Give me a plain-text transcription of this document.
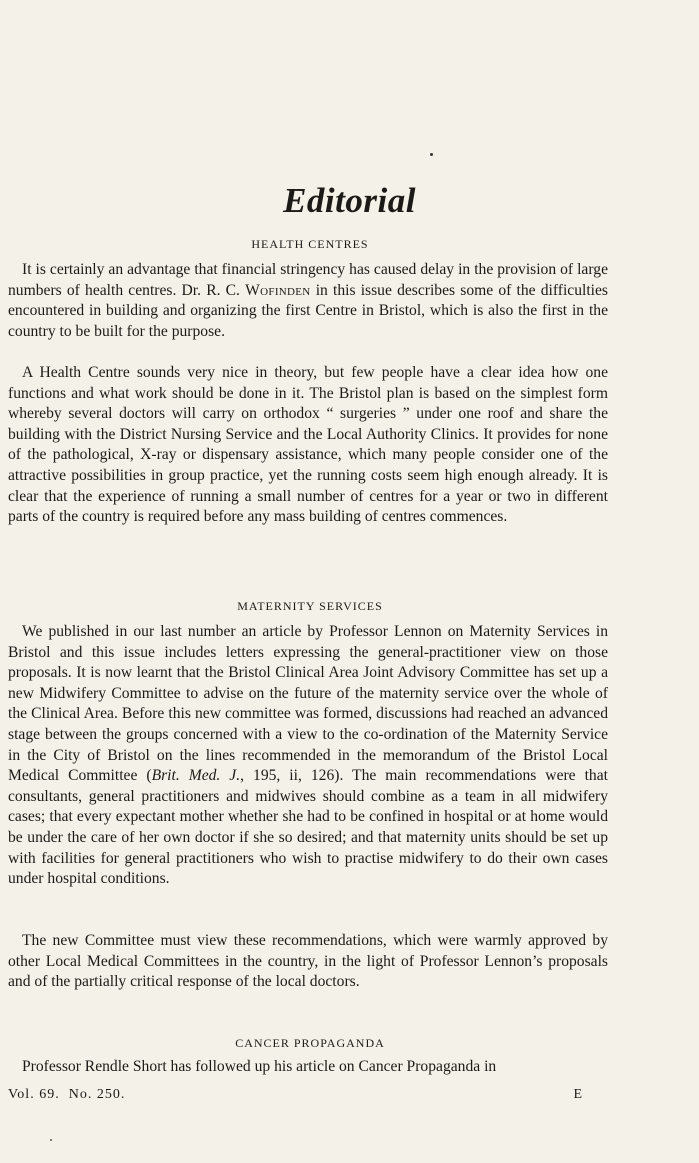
Editorial
HEALTH CENTRES

It is certainly an advantage that financial stringency has caused delay in the provision of large numbers of health centres. Dr. R. C. Wofinden in this issue describes some of the difficulties encountered in building and organizing the first Centre in Bristol, which is also the first in the country to be built for the purpose.

A Health Centre sounds very nice in theory, but few people have a clear idea how one functions and what work should be done in it. The Bristol plan is based on the simplest form whereby several doctors will carry on orthodox “ surgeries ” under one roof and share the building with the District Nursing Service and the Local Authority Clinics. It provides for none of the pathological, X-ray or dispensary assistance, which many people consider one of the attractive possibilities in group practice, yet the running costs seem high enough already. It is clear that the experience of running a small number of centres for a year or two in different parts of the country is required before any mass building of centres commences.

MATERNITY SERVICES

We published in our last number an article by Professor Lennon on Maternity Services in Bristol and this issue includes letters expressing the general-practitioner view on those proposals. It is now learnt that the Bristol Clinical Area Joint Advisory Committee has set up a new Midwifery Committee to advise on the future of the maternity service over the whole of the Clinical Area. Before this new committee was formed, discussions had reached an advanced stage between the groups concerned with a view to the co-ordination of the Maternity Service in the City of Bristol on the lines recommended in the memorandum of the Bristol Local Medical Committee (Brit. Med. J., 195, ii, 126). The main recommendations were that consultants, general practitioners and midwives should combine as a team in all midwifery cases; that every expectant mother whether she had to be confined in hospital or at home would be under the care of her own doctor if she so desired; and that maternity units should be set up with facilities for general practitioners who wish to practise midwifery to do their own cases under hospital conditions.

The new Committee must view these recommendations, which were warmly approved by other Local Medical Committees in the country, in the light of Professor Lennon’s proposals and of the partially critical response of the local doctors.

CANCER PROPAGANDA

Professor Rendle Short has followed up his article on Cancer Propaganda in

Vol. 69. No. 250.	E
